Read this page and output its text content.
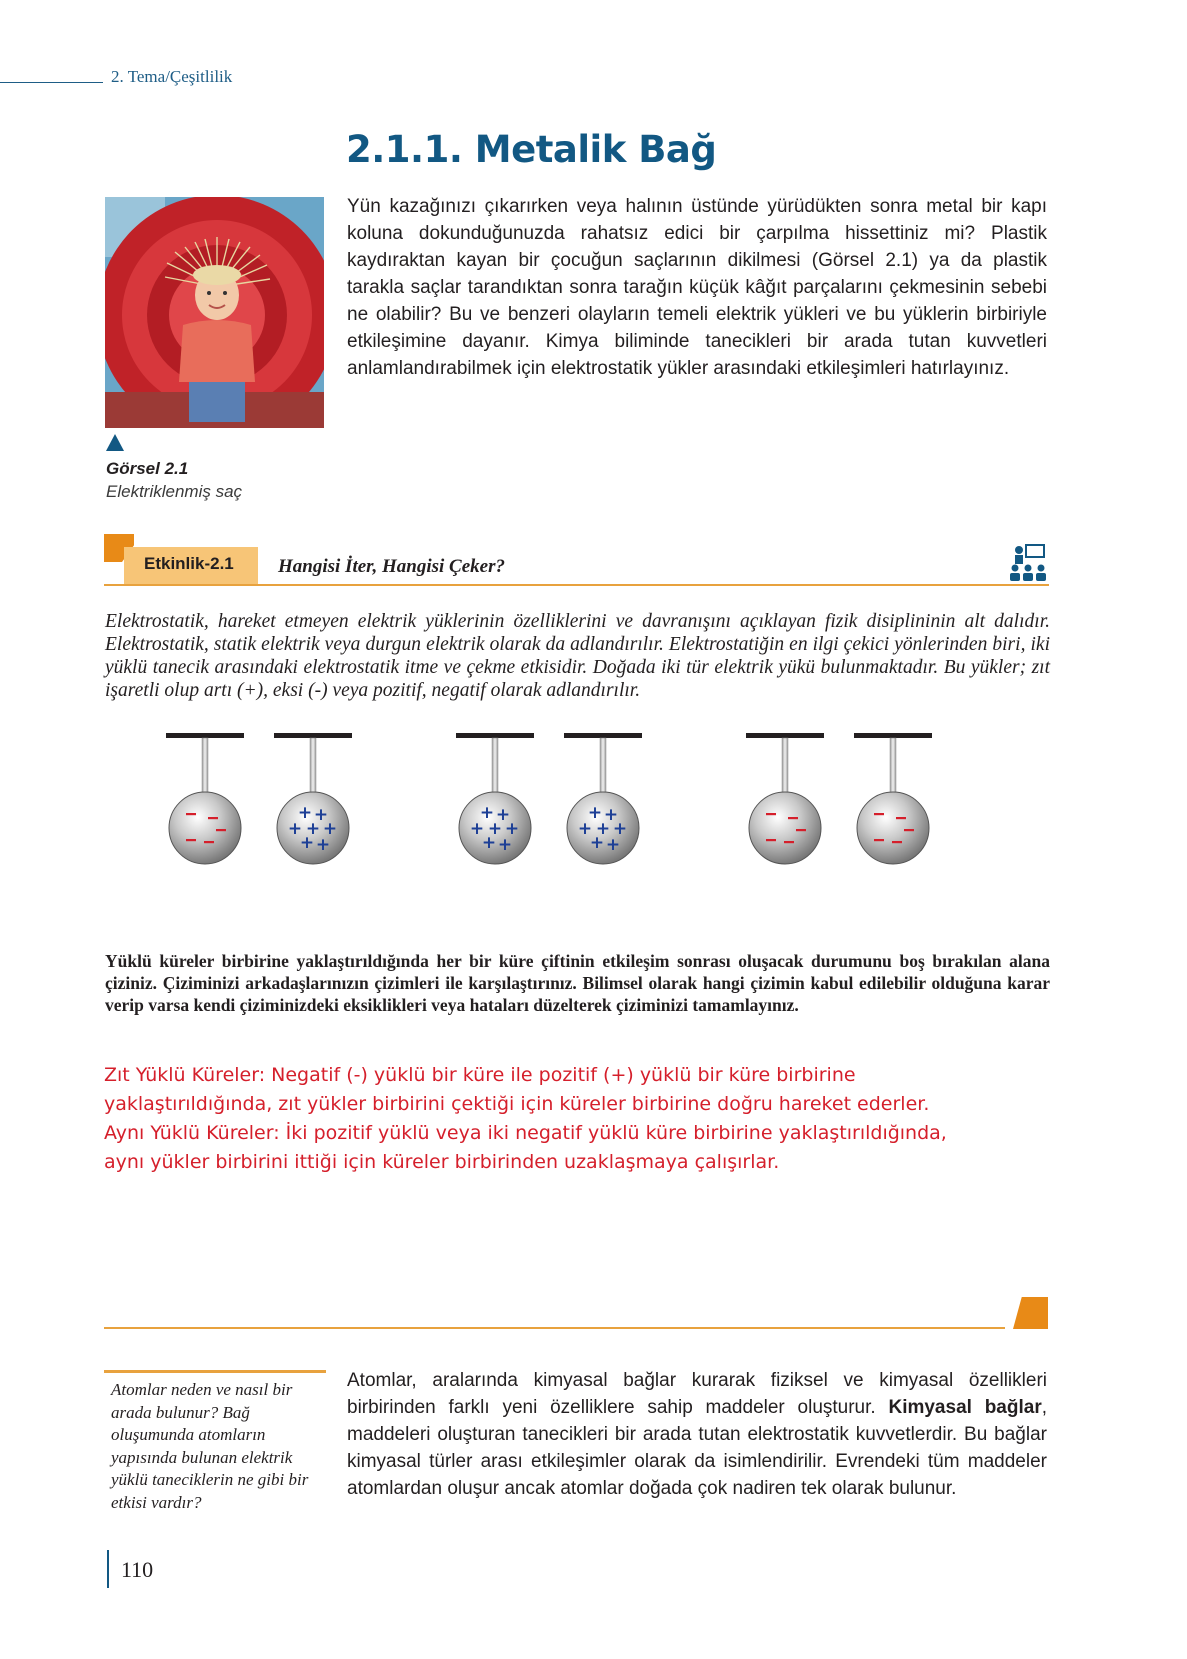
2. Tema/Çeşitlilik
2.1.1. Metalik Bağ
Yün kazağınızı çıkarırken veya halının üstünde yürüdükten sonra metal bir kapı koluna dokunduğunuzda rahatsız edici bir çarpılma hissettiniz mi? Plastik kaydıraktan kayan bir çocuğun saçlarının dikilmesi (Görsel 2.1) ya da plastik tarakla saçlar tarandıktan sonra tarağın küçük kâğıt parçalarını çekmesinin sebebi ne olabilir? Bu ve benzeri olayların temeli elektrik yükleri ve bu yüklerin birbiriyle etkileşimine dayanır. Kimya biliminde tanecikleri bir arada tutan kuvvetleri anlamlandırabilmek için elektrostatik yükler arasındaki etkileşimleri hatırlayınız.
Görsel 2.1
Elektriklenmiş saç
Etkinlik-2.1 Hangisi İter, Hangisi Çeker?
Elektrostatik, hareket etmeyen elektrik yüklerinin özelliklerini ve davranışını açıklayan fizik disiplininin alt dalıdır. Elektrostatik, statik elektrik veya durgun elektrik olarak da adlandırılır. Elektrostatiğin en ilgi çekici yönlerinden biri, iki yüklü tanecik arasındaki elektrostatik itme ve çekme etkisidir. Doğada iki tür elektrik yükü bulunmaktadır. Bu yükler; zıt işaretli olup artı (+), eksi (-) veya pozitif, negatif olarak adlandırılır.
+ +
+ + +
+ +
+ +
+ + +
+ +
+ +
+ + +
+ +
Yüklü küreler birbirine yaklaştırıldığında her bir küre çiftinin etkileşim sonrası oluşacak durumunu boş bırakılan alana çiziniz. Çiziminizi arkadaşlarınızın çizimleri ile karşılaştırınız. Bilimsel olarak hangi çizimin kabul edilebilir olduğuna karar verip varsa kendi çiziminizdeki eksiklikleri veya hataları düzelterek çiziminizi tamamlayınız.
Zıt Yüklü Küreler: Negatif (-) yüklü bir küre ile pozitif (+) yüklü bir küre birbirine
yaklaştırıldığında, zıt yükler birbirini çektiği için küreler birbirine doğru hareket ederler.
Aynı Yüklü Küreler: İki pozitif yüklü veya iki negatif yüklü küre birbirine yaklaştırıldığında,
aynı yükler birbirini ittiği için küreler birbirinden uzaklaşmaya çalışırlar.
Atomlar neden ve nasıl bir arada bulunur? Bağ oluşumunda atomların yapısında bulunan elektrik yüklü taneciklerin ne gibi bir etkisi vardır?
Atomlar, aralarında kimyasal bağlar kurarak fiziksel ve kimyasal özellikleri birbirinden farklı yeni özelliklere sahip maddeler oluşturur. Kimyasal bağlar, maddeleri oluşturan tanecikleri bir arada tutan elektrostatik kuvvetlerdir. Bu bağlar kimyasal türler arası etkileşimler olarak da isimlendirilir. Evrendeki tüm maddeler atomlardan oluşur ancak atomlar doğada çok nadiren tek olarak bulunur.
110
